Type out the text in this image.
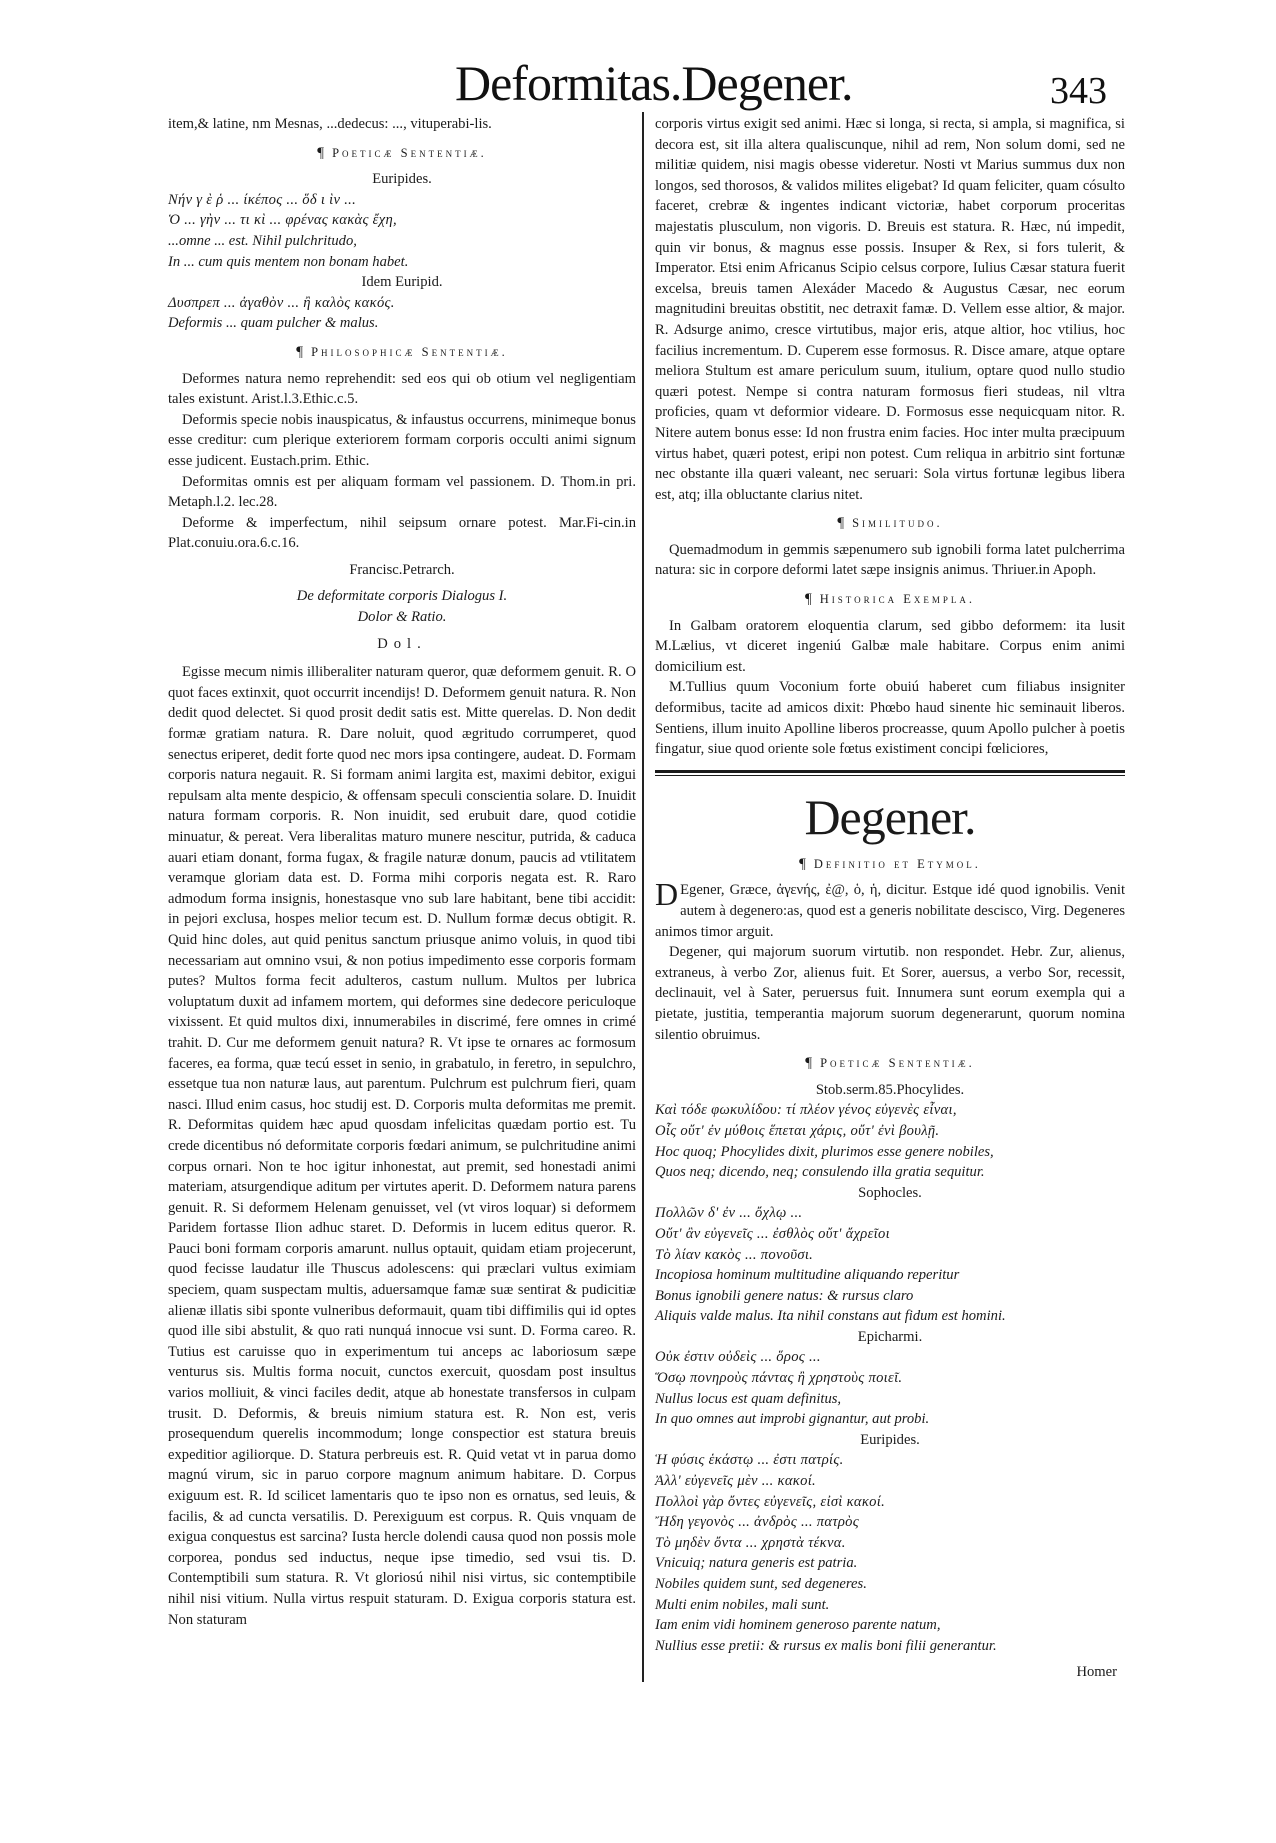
Deformitas.Degener.	343

item,& latine, nm Mesnas, ...dedecus: ..., vituperabi-lis.

¶ Poeticæ Sententiæ.

Euripides.

Νήν γ ὲ ῥ ... ίκέπος ... ὅδ ι ὶν ...

Ὁ ... γὴν ... τι κὶ ... φρένας κακὰς ἔχη,

...omne ... est. Nihil pulchritudo,

In ... cum quis mentem non bonam habet.

Idem Euripid.

Δυσπρεπ ... ἀγαθὸν ... ἢ καλὸς κακός.

Deformis ... quam pulcher & malus.

¶ Philosophicæ Sententiæ.

Deformes natura nemo reprehendit: sed eos qui ob otium vel negligentiam tales existunt. Arist.l.3.Ethic.c.5.

Deformis specie nobis inauspicatus, & infaustus occurrens, minimeque bonus esse creditur: cum plerique exteriorem formam corporis occulti animi signum esse judicent. Eustach.prim. Ethic.

Deformitas omnis est per aliquam formam vel passionem. D. Thom.in pri. Metaph.l.2. lec.28.

Deforme & imperfectum, nihil seipsum ornare potest. Mar.Fi-cin.in Plat.conuiu.ora.6.c.16.

Francisc.Petrarch.

De deformitate corporis Dialogus I.

Dolor & Ratio.

Dol.

Egisse mecum nimis illiberaliter naturam queror, quæ deformem genuit. R. O quot faces extinxit, quot occurrit incendijs! D. Deformem genuit natura. R. Non dedit quod delectet. Si quod prosit dedit satis est. Mitte querelas. D. Non dedit formæ gratiam natura. R. Dare noluit, quod ægritudo corrumperet, quod senectus eriperet, dedit forte quod nec mors ipsa contingere, audeat. D. Formam corporis natura negauit. R. Si formam animi largita est, maximi debitor, exigui repulsam alta mente despicio, & offensam speculi conscientia solare. D. Inuidit natura formam corporis. R. Non inuidit, sed erubuit dare, quod cotidie minuatur, & pereat. Vera liberalitas maturo munere nescitur, putrida, & caduca auari etiam donant, forma fugax, & fragile naturæ donum, paucis ad vtilitatem veramque gloriam data est. D. Forma mihi corporis negata est. R. Raro admodum forma insignis, honestasque vno sub lare habitant, bene tibi accidit: in pejori exclusa, hospes melior tecum est. D. Nullum formæ decus obtigit. R. Quid hinc doles, aut quid penitus sanctum priusque animo voluis, in quod tibi necessariam aut omnino vsui, & non potius impedimento esse corporis formam putes? Multos forma fecit adulteros, castum nullum. Multos per lubrica voluptatum duxit ad infamem mortem, qui deformes sine dedecore periculoque vixissent. Et quid multos dixi, innumerabiles in discrimé, fere omnes in crimé trahit. D. Cur me deformem genuit natura? R. Vt ipse te ornares ac formosum faceres, ea forma, quæ tecú esset in senio, in grabatulo, in feretro, in sepulchro, essetque tua non naturæ laus, aut parentum. Pulchrum est pulchrum fieri, quam nasci. Illud enim casus, hoc studij est. D. Corporis multa deformitas me premit. R. Deformitas quidem hæc apud quosdam infelicitas quædam portio est. Tu crede dicentibus nó deformitate corporis fœdari animum, se pulchritudine animi corpus ornari. Non te hoc igitur inhonestat, aut premit, sed honestadi animi materiam, atsurgendique aditum per virtutes aperit. D. Deformem natura parens genuit. R. Si deformem Helenam genuisset, vel (vt viros loquar) si deformem Paridem fortasse Ilion adhuc staret. D. Deformis in lucem editus queror. R. Pauci boni formam corporis amarunt. nullus optauit, quidam etiam projecerunt, quod fecisse laudatur ille Thuscus adolescens: qui præclari vultus eximiam speciem, quam suspectam multis, aduersamque famæ suæ sentirat & pudicitiæ alienæ illatis sibi sponte vulneribus deformauit, quam tibi diffimilis qui id optes quod ille sibi abstulit, & quo rati nunquá innocue vsi sunt. D. Forma careo. R. Tutius est caruisse quo in experimentum tui anceps ac laboriosum sæpe venturus sis. Multis forma nocuit, cunctos exercuit, quosdam post insultus varios molliuit, & vinci faciles dedit, atque ab honestate transfersos in culpam trusit. D. Deformis, & breuis nimium statura est. R. Non est, veris prosequendum querelis incommodum; longe conspectior est statura breuis expeditior agiliorque. D. Statura perbreuis est. R. Quid vetat vt in parua domo magnú virum, sic in paruo corpore magnum animum habitare. D. Corpus exiguum est. R. Id scilicet lamentaris quo te ipso non es ornatus, sed leuis, & facilis, & ad cuncta versatilis. D. Perexiguum est corpus. R. Quis vnquam de exigua conquestus est sarcina? Iusta hercle dolendi causa quod non possis mole corporea, pondus sed inductus, neque ipse timedio, sed vsui tis. D. Contemptibili sum statura. R. Vt gloriosú nihil nisi virtus, sic contemptibile nihil nisi vitium. Nulla virtus respuit staturam. D. Exigua corporis statura est. Non staturam

corporis virtus exigit sed animi. Hæc si longa, si recta, si ampla, si magnifica, si decora est, sit illa altera qualiscunque, nihil ad rem, Non solum domi, sed ne militiæ quidem, nisi magis obesse videretur. Nosti vt Marius summus dux non longos, sed thorosos, & validos milites eligebat? Id quam feliciter, quam cósulto faceret, crebræ & ingentes indicant victoriæ, habet corporum proceritas majestatis plusculum, non vigoris. D. Breuis est statura. R. Hæc, nú impedit, quin vir bonus, & magnus esse possis. Insuper & Rex, si fors tulerit, & Imperator. Etsi enim Africanus Scipio celsus corpore, Iulius Cæsar statura fuerit excelsa, breuis tamen Alexáder Macedo & Augustus Cæsar, nec eorum magnitudini breuitas obstitit, nec detraxit famæ. D. Vellem esse altior, & major. R. Adsurge animo, cresce virtutibus, major eris, atque altior, hoc vtilius, hoc facilius incrementum. D. Cuperem esse formosus. R. Disce amare, atque optare meliora Stultum est amare periculum suum, itulium, optare quod nullo studio quæri potest. Nempe si contra naturam formosus fieri studeas, nil vltra proficies, quam vt deformior videare. D. Formosus esse nequicquam nitor. R. Nitere autem bonus esse: Id non frustra enim facies. Hoc inter multa præcipuum virtus habet, quæri potest, eripi non potest. Cum reliqua in arbitrio sint fortunæ nec obstante illa quæri valeant, nec seruari: Sola virtus fortunæ legibus libera est, atq; illa obluctante clarius nitet.

¶ Similitudo.

Quemadmodum in gemmis sæpenumero sub ignobili forma latet pulcherrima natura: sic in corpore deformi latet sæpe insignis animus. Thriuer.in Apoph.

¶ Historica Exempla.

In Galbam oratorem eloquentia clarum, sed gibbo deformem: ita lusit M.Lælius, vt diceret ingeniú Galbæ male habitare. Corpus enim animi domicilium est.

M.Tullius quum Voconium forte obuiú haberet cum filiabus insigniter deformibus, tacite ad amicos dixit: Phœbo haud sinente hic seminauit liberos. Sentiens, illum inuito Apolline liberos procreasse, quum Apollo pulcher à poetis fingatur, siue quod oriente sole fœtus existiment concipi fœliciores,

Degener.
¶ Definitio et Etymol.

DEgener, Græce, ἀγενής, ἐ@, ὁ, ἡ, dicitur. Estque idé quod ignobilis. Venit autem à degenero:as, quod est a generis nobilitate descisco, Virg. Degeneres animos timor arguit.

Degener, qui majorum suorum virtutib. non respondet. Hebr. Zur, alienus, extraneus, à verbo Zor, alienus fuit. Et Sorer, auersus, a verbo Sor, recessit, declinauit, vel à Sater, peruersus fuit. Innumera sunt eorum exempla qui a pietate, justitia, temperantia majorum suorum degenerarunt, quorum nomina silentio obruimus.

¶ Poeticæ Sententiæ.

Stob.serm.85.Phocylides.

Καὶ τόδε φωκυλίδου: τί πλέον γένος εὐγενὲς εἶναι,

Οἷς οὔτ' ἐν μύθοις ἕπεται χάρις, οὔτ' ἐνὶ βουλῇ.

Hoc quoq; Phocylides dixit, plurimos esse genere nobiles,

Quos neq; dicendo, neq; consulendo illa gratia sequitur.

Sophocles.

Πολλῶν δ' ἐν ... ὄχλῳ ...

Οὔτ' ἂν εὐγενεῖς ... ἐσθλὸς οὔτ' ἄχρεῖοι

Τὸ λίαν κακὸς ... πονοῦσι.

Incopiosa hominum multitudine aliquando reperitur

Bonus ignobili genere natus: & rursus claro

Aliquis valde malus. Ita nihil constans aut fidum est homini.

Epicharmi.

Οὐκ ἐστιν οὐδεὶς ... ὅρος ...

Ὅσῳ πονηροὺς πάντας ἢ χρηστοὺς ποιεῖ.

Nullus locus est quam definitus,

In quo omnes aut improbi gignantur, aut probi.

Euripides.

Ἡ φύσις ἑκάστῳ ... ἐστι πατρίς.

Ἀλλ' εὐγενεῖς μὲν ... κακοί.

Πολλοὶ γὰρ ὄντες εὐγενεῖς, εἰσὶ κακοί.

Ἤδη γεγονὸς ... ἀνδρὸς ... πατρὸς

Τὸ μηδὲν ὄντα ... χρηστὰ τέκνα.

Vnicuiq; natura generis est patria.

Nobiles quidem sunt, sed degeneres.

Multi enim nobiles, mali sunt.

Iam enim vidi hominem generoso parente natum,

Nullius esse pretii: & rursus ex malis boni filii generantur.

Homer
